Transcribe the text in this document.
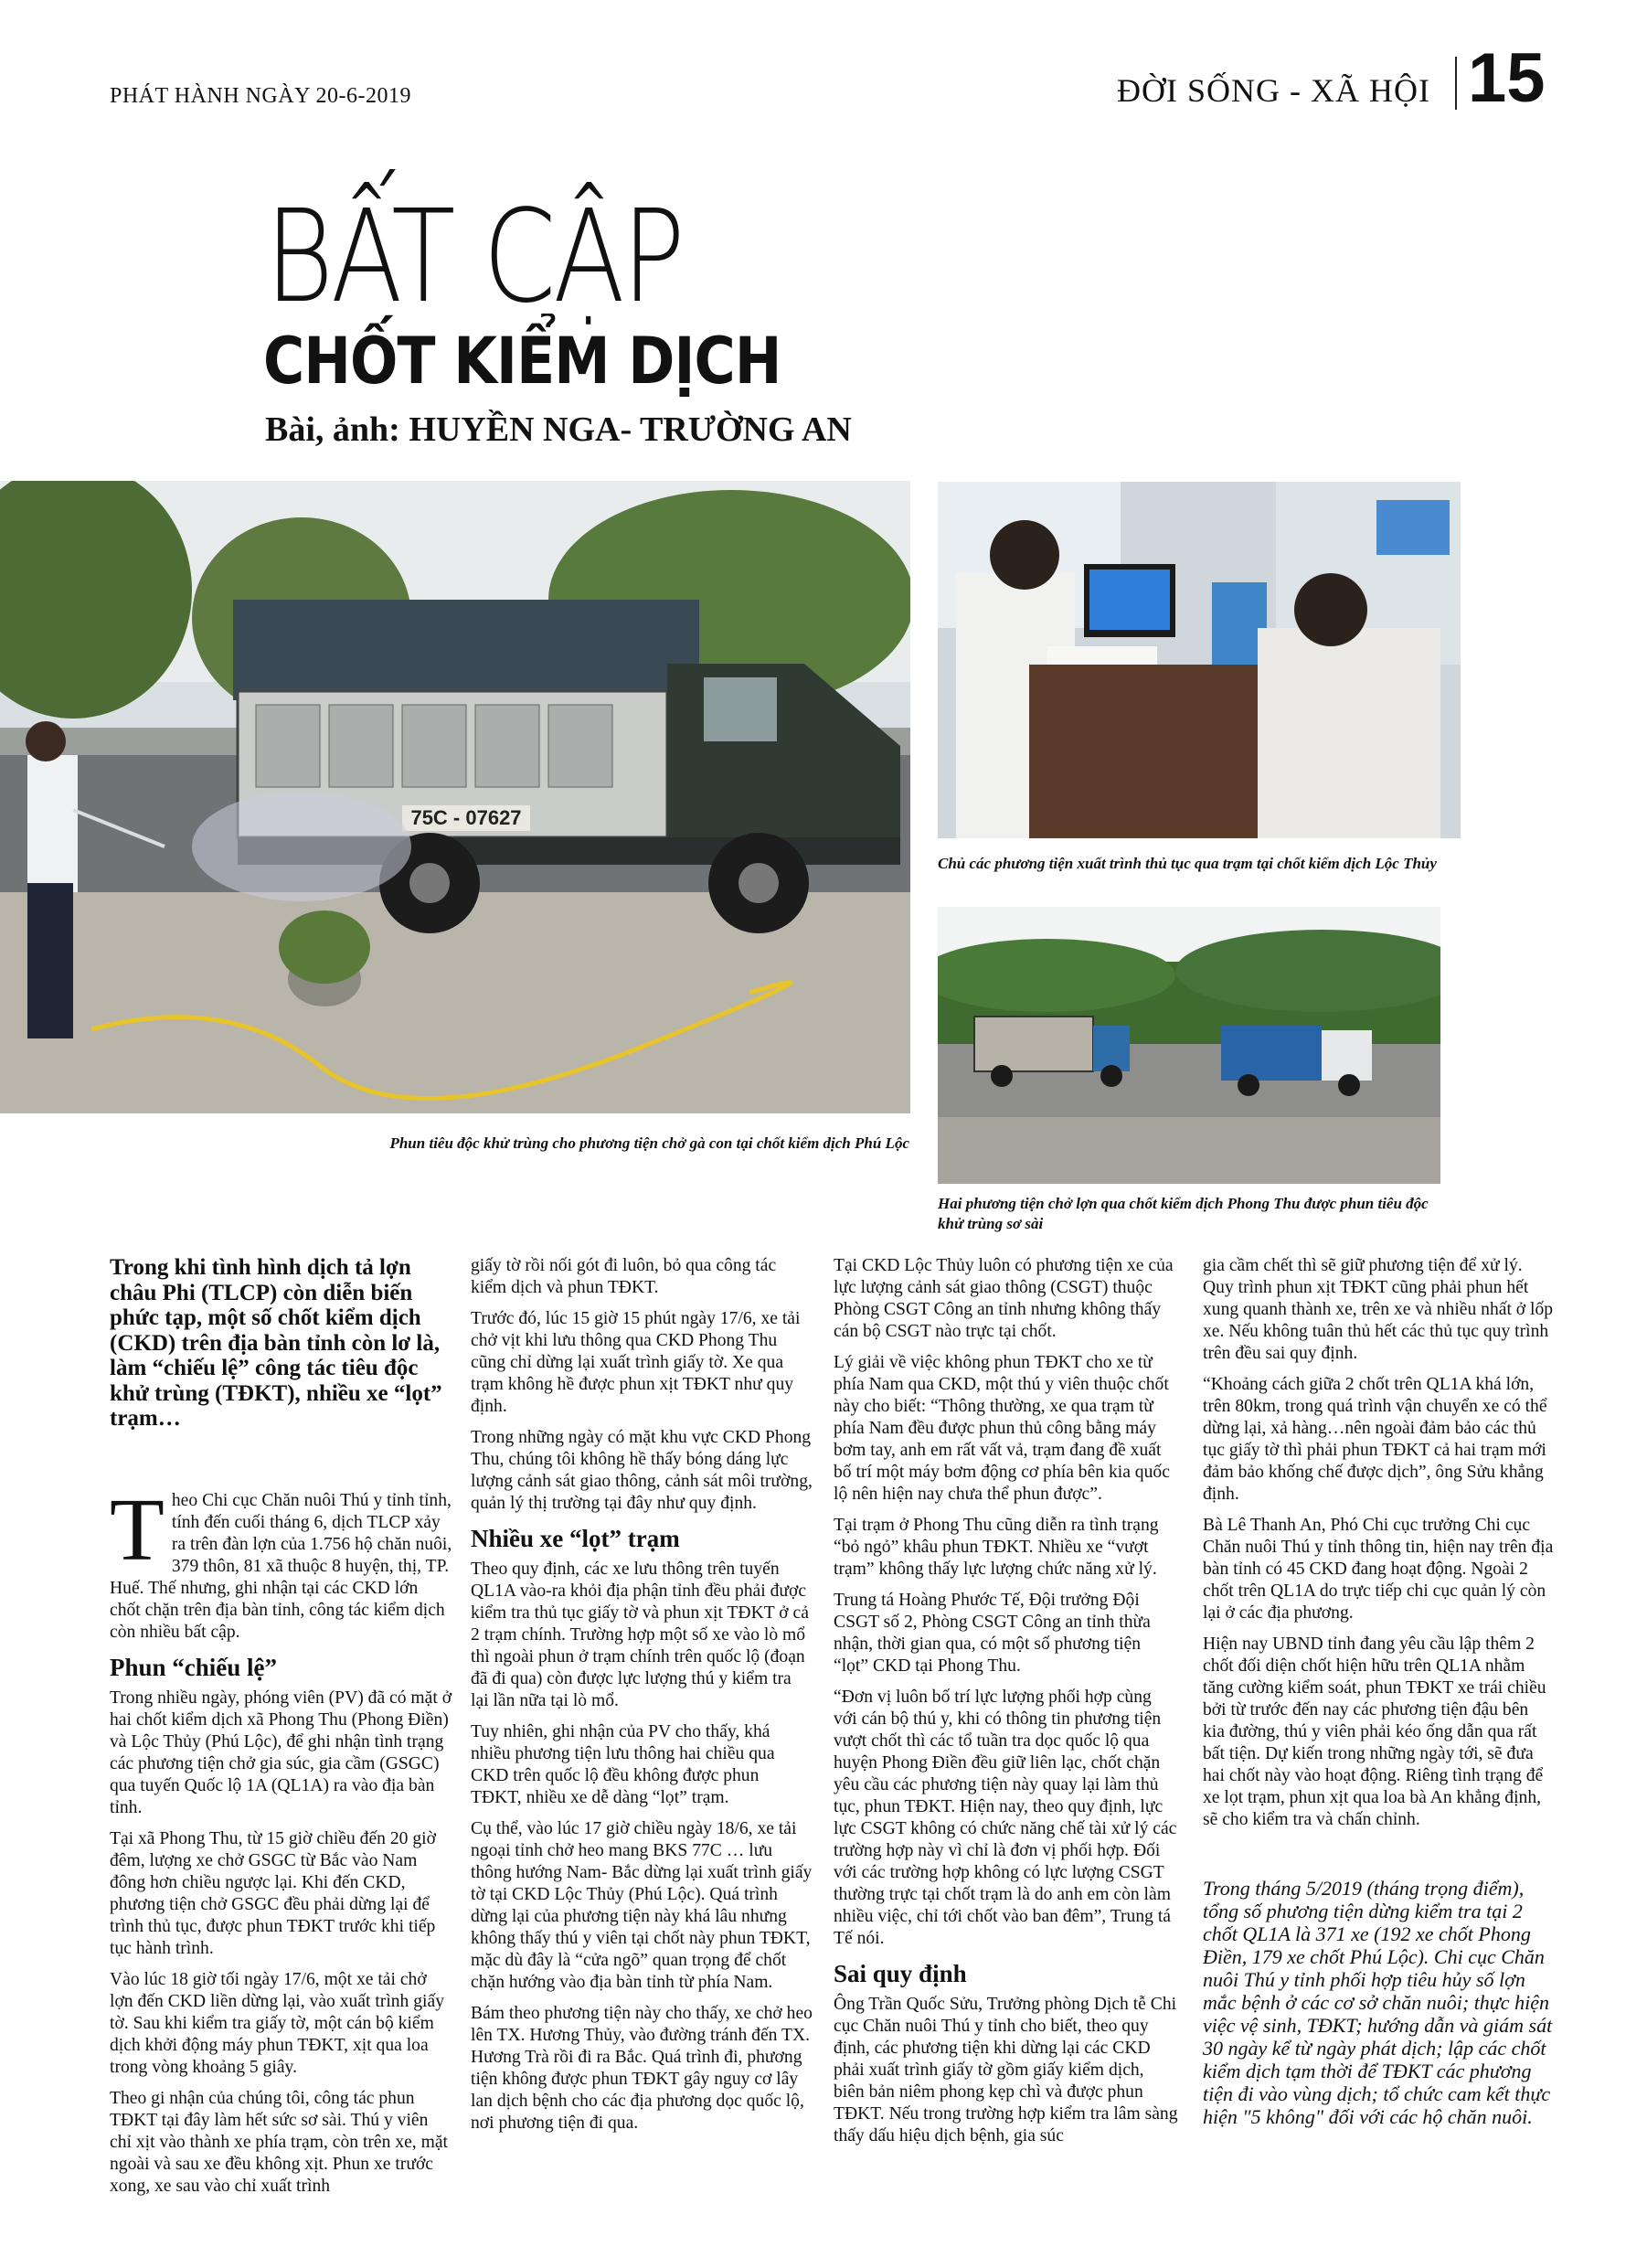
PHÁT HÀNH NGÀY 20-6-2019	ĐỜI SỐNG - XÃ HỘI 15
BẤT CẬP
CHỐT KIỂM DỊCH
Bài, ảnh: HUYỀN NGA- TRƯỜNG AN
75C - 07627
Phun tiêu độc khử trùng cho phương tiện chở gà con tại chốt kiểm dịch Phú Lộc
Chủ các phương tiện xuất trình thủ tục qua trạm tại chốt kiểm dịch Lộc Thủy
Hai phương tiện chở lợn qua chốt kiểm dịch Phong Thu được phun tiêu độc khử trùng sơ sài

Trong khi tình hình dịch tả lợn châu Phi (TLCP) còn diễn biến phức tạp, một số chốt kiểm dịch (CKD) trên địa bàn tỉnh còn lơ là, làm “chiếu lệ” công tác tiêu độc khử trùng (TĐKT), nhiều xe “lọt” trạm…

Theo Chi cục Chăn nuôi Thú y tỉnh tỉnh, tính đến cuối tháng 6, dịch TLCP xảy ra trên đàn lợn của 1.756 hộ chăn nuôi, 379 thôn, 81 xã thuộc 8 huyện, thị, TP. Huế. Thế nhưng, ghi nhận tại các CKD lớn chốt chặn trên địa bàn tỉnh, công tác kiểm dịch còn nhiều bất cập.

Phun “chiếu lệ”

Trong nhiều ngày, phóng viên (PV) đã có mặt ở hai chốt kiểm dịch xã Phong Thu (Phong Điền) và Lộc Thủy (Phú Lộc), để ghi nhận tình trạng các phương tiện chở gia súc, gia cầm (GSGC) qua tuyến Quốc lộ 1A (QL1A) ra vào địa bàn tỉnh.

Tại xã Phong Thu, từ 15 giờ chiều đến 20 giờ đêm, lượng xe chở GSGC từ Bắc vào Nam đông hơn chiều ngược lại. Khi đến CKD, phương tiện chở GSGC đều phải dừng lại để trình thủ tục, được phun TĐKT trước khi tiếp tục hành trình.

Vào lúc 18 giờ tối ngày 17/6, một xe tải chở lợn đến CKD liền dừng lại, vào xuất trình giấy tờ. Sau khi kiểm tra giấy tờ, một cán bộ kiểm dịch khởi động máy phun TĐKT, xịt qua loa trong vòng khoảng 5 giây.

Theo gi nhận của chúng tôi, công tác phun TĐKT tại đây làm hết sức sơ sài. Thú y viên chỉ xịt vào thành xe phía trạm, còn trên xe, mặt ngoài và sau xe đều không xịt. Phun xe trước xong, xe sau vào chỉ xuất trình

giấy tờ rồi nối gót đi luôn, bỏ qua công tác kiểm dịch và phun TĐKT.

Trước đó, lúc 15 giờ 15 phút ngày 17/6, xe tải chở vịt khi lưu thông qua CKD Phong Thu cũng chỉ dừng lại xuất trình giấy tờ. Xe qua trạm không hề được phun xịt TĐKT như quy định.

Trong những ngày có mặt khu vực CKD Phong Thu, chúng tôi không hề thấy bóng dáng lực lượng cảnh sát giao thông, cảnh sát môi trường, quản lý thị trường tại đây như quy định.

Nhiều xe “lọt” trạm

Theo quy định, các xe lưu thông trên tuyến QL1A vào-ra khỏi địa phận tỉnh đều phải được kiểm tra thủ tục giấy tờ và phun xịt TĐKT ở cả 2 trạm chính. Trường hợp một số xe vào lò mổ thì ngoài phun ở trạm chính trên quốc lộ (đoạn đã đi qua) còn được lực lượng thú y kiểm tra lại lần nữa tại lò mổ.

Tuy nhiên, ghi nhận của PV cho thấy, khá nhiều phương tiện lưu thông hai chiều qua CKD trên quốc lộ đều không được phun TĐKT, nhiều xe dễ dàng “lọt” trạm.

Cụ thể, vào lúc 17 giờ chiều ngày 18/6, xe tải ngoại tỉnh chở heo mang BKS 77C … lưu thông hướng Nam- Bắc dừng lại xuất trình giấy tờ tại CKD Lộc Thủy (Phú Lộc). Quá trình dừng lại của phương tiện này khá lâu nhưng không thấy thú y viên tại chốt này phun TĐKT, mặc dù đây là “cửa ngõ” quan trọng để chốt chặn hướng vào địa bàn tỉnh từ phía Nam.

Bám theo phương tiện này cho thấy, xe chở heo lên TX. Hương Thủy, vào đường tránh đến TX. Hương Trà rồi đi ra Bắc. Quá trình đi, phương tiện không được phun TĐKT gây nguy cơ lây lan dịch bệnh cho các địa phương dọc quốc lộ, nơi phương tiện đi qua.

Tại CKD Lộc Thủy luôn có phương tiện xe của lực lượng cảnh sát giao thông (CSGT) thuộc Phòng CSGT Công an tỉnh nhưng không thấy cán bộ CSGT nào trực tại chốt.

Lý giải về việc không phun TĐKT cho xe từ phía Nam qua CKD, một thú y viên thuộc chốt này cho biết: “Thông thường, xe qua trạm từ phía Nam đều được phun thủ công bằng máy bơm tay, anh em rất vất vả, trạm đang đề xuất bố trí một máy bơm động cơ phía bên kia quốc lộ nên hiện nay chưa thể phun được”.

Tại trạm ở Phong Thu cũng diễn ra tình trạng “bỏ ngỏ” khâu phun TĐKT. Nhiều xe “vượt trạm” không thấy lực lượng chức năng xử lý.

Trung tá Hoàng Phước Tế, Đội trưởng Đội CSGT số 2, Phòng CSGT Công an tỉnh thừa nhận, thời gian qua, có một số phương tiện “lọt” CKD tại Phong Thu.

“Đơn vị luôn bố trí lực lượng phối hợp cùng với cán bộ thú y, khi có thông tin phương tiện vượt chốt thì các tổ tuần tra dọc quốc lộ qua huyện Phong Điền đều giữ liên lạc, chốt chặn yêu cầu các phương tiện này quay lại làm thủ tục, phun TĐKT. Hiện nay, theo quy định, lực lực CSGT không có chức năng chế tài xử lý các trường hợp này vì chỉ là đơn vị phối hợp. Đối với các trường hợp không có lực lượng CSGT thường trực tại chốt trạm là do anh em còn làm nhiều việc, chỉ tới chốt vào ban đêm”, Trung tá Tế nói.

Sai quy định

Ông Trần Quốc Sửu, Trưởng phòng Dịch tễ Chi cục Chăn nuôi Thú y tỉnh cho biết, theo quy định, các phương tiện khi dừng lại các CKD phải xuất trình giấy tờ gồm giấy kiểm dịch, biên bản niêm phong kẹp chì và được phun TĐKT. Nếu trong trường hợp kiểm tra lâm sàng thấy dấu hiệu dịch bệnh, gia súc

gia cầm chết thì sẽ giữ phương tiện để xử lý. Quy trình phun xịt TĐKT cũng phải phun hết xung quanh thành xe, trên xe và nhiều nhất ở lốp xe. Nếu không tuân thủ hết các thủ tục quy trình trên đều sai quy định.

“Khoảng cách giữa 2 chốt trên QL1A khá lớn, trên 80km, trong quá trình vận chuyển xe có thể dừng lại, xả hàng…nên ngoài đảm bảo các thủ tục giấy tờ thì phải phun TĐKT cả hai trạm mới đảm bảo khống chế được dịch”, ông Sửu khẳng định.

Bà Lê Thanh An, Phó Chi cục trưởng Chi cục Chăn nuôi Thú y tỉnh thông tin, hiện nay trên địa bàn tỉnh có 45 CKD đang hoạt động. Ngoài 2 chốt trên QL1A do trực tiếp chi cục quản lý còn lại ở các địa phương.

Hiện nay UBND tỉnh đang yêu cầu lập thêm 2 chốt đối diện chốt hiện hữu trên QL1A nhằm tăng cường kiểm soát, phun TĐKT xe trái chiều bởi từ trước đến nay các phương tiện đậu bên kia đường, thú y viên phải kéo ống dẫn qua rất bất tiện. Dự kiến trong những ngày tới, sẽ đưa hai chốt này vào hoạt động. Riêng tình trạng để xe lọt trạm, phun xịt qua loa bà An khẳng định, sẽ cho kiểm tra và chấn chỉnh.

Trong tháng 5/2019 (tháng trọng điểm), tổng số phương tiện dừng kiểm tra tại 2 chốt QL1A là 371 xe (192 xe chốt Phong Điền, 179 xe chốt Phú Lộc). Chi cục Chăn nuôi Thú y tỉnh phối hợp tiêu hủy số lợn mắc bệnh ở các cơ sở chăn nuôi; thực hiện việc vệ sinh, TĐKT; hướng dẫn và giám sát 30 ngày kể từ ngày phát dịch; lập các chốt kiểm dịch tạm thời để TĐKT các phương tiện đi vào vùng dịch; tổ chức cam kết thực hiện "5 không" đối với các hộ chăn nuôi.
